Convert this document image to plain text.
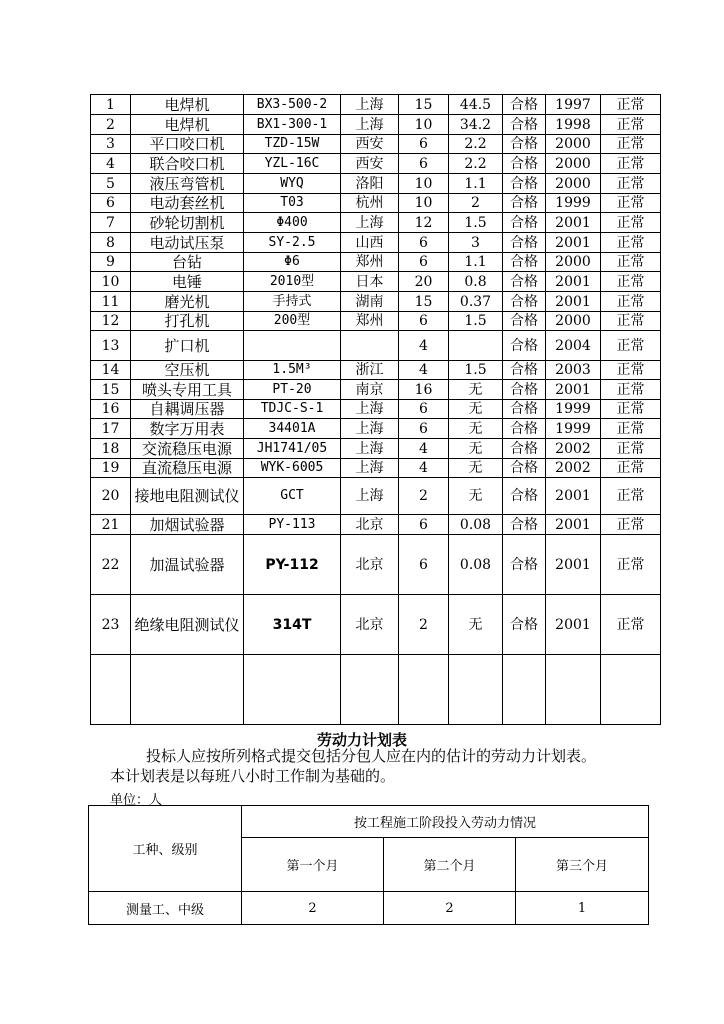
1	电焊机	BX3-500-2	上海	15	44.5	合格	1997	正常
2	电焊机	BX1-300-1	上海	10	34.2	合格	1998	正常
3	平口咬口机	TZD-15W	西安	6	2.2	合格	2000	正常
4	联合咬口机	YZL-16C	西安	6	2.2	合格	2000	正常
5	液压弯管机	WYQ	洛阳	10	1.1	合格	2000	正常
6	电动套丝机	T03	杭州	10	2	合格	1999	正常
7	砂轮切割机	Φ400	上海	12	1.5	合格	2001	正常
8	电动试压泵	SY-2.5	山西	6	3	合格	2001	正常
9	台钻	Φ6	郑州	6	1.1	合格	2000	正常
10	电锤	2010型	日本	20	0.8	合格	2001	正常
11	磨光机	手持式	湖南	15	0.37	合格	2001	正常
12	打孔机	200型	郑州	6	1.5	合格	2000	正常
13	扩口机			4		合格	2004	正常
14	空压机	1.5M³	浙江	4	1.5	合格	2003	正常
15	喷头专用工具	PT-20	南京	16	无	合格	2001	正常
16	自耦调压器	TDJC-S-1	上海	6	无	合格	1999	正常
17	数字万用表	34401A	上海	6	无	合格	1999	正常
18	交流稳压电源	JH1741/05	上海	4	无	合格	2002	正常
19	直流稳压电源	WYK-6005	上海	4	无	合格	2002	正常
20	接地电阻测试仪	GCT	上海	2	无	合格	2001	正常
21	加烟试验器	PY-113	北京	6	0.08	合格	2001	正常
22	加温试验器	PY-112	北京	6	0.08	合格	2001	正常
23	绝缘电阻测试仪	314T	北京	2	无	合格	2001	正常

劳动力计划表
投标人应按所列格式提交包括分包人应在内的估计的劳动力计划表。
本计划表是以每班八小时工作制为基础的。
单位：人
工种、级别	按工程施工阶段投入劳动力情况		
	第一个月	第二个月	第三个月
测量工、中级	2	2	1
